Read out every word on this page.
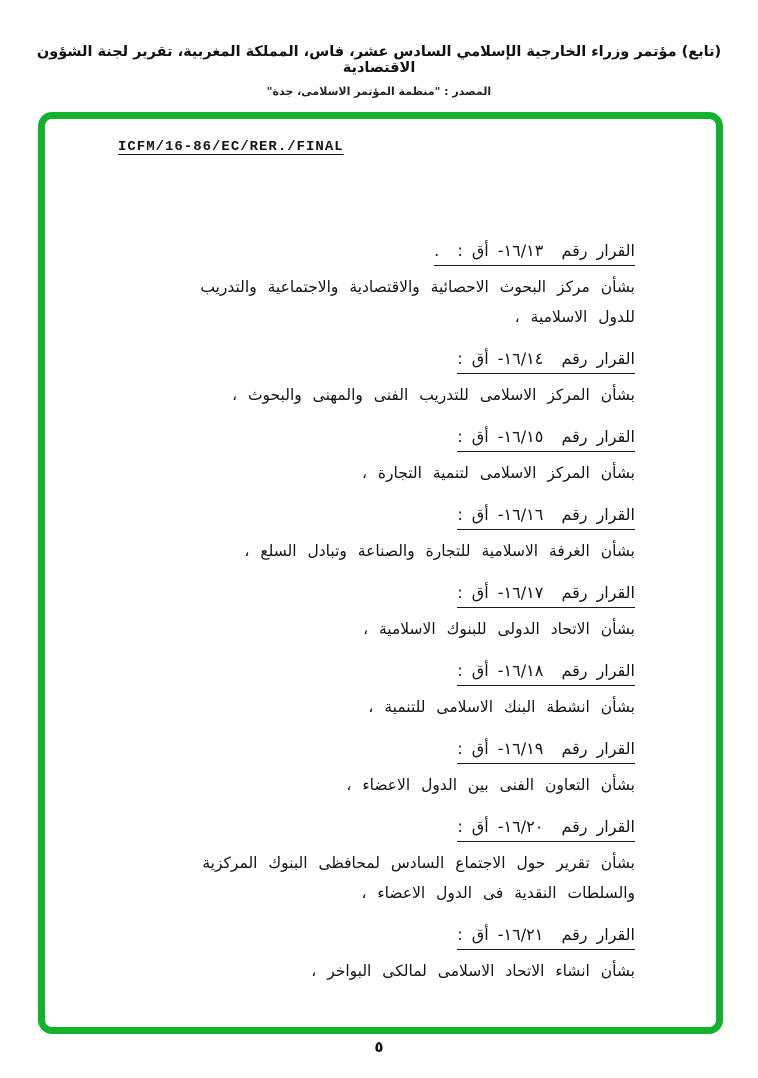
(تابع) مؤتمر وزراء الخارجية الإسلامي السادس عشر، فاس، المملكة المغربية، تقرير لجنة الشؤون الاقتصادية
المصدر : "منظمة المؤتمر الاسلامى، جدة"
ICFM/16-86/EC/RER./FINAL
القرار رقم  ١٦/١٣- أق :  .
بشأن مركز البحوث الاحصائية والاقتصادية والاجتماعية والتدريب
للدول الاسلامية ،
القرار رقم  ١٦/١٤- أق :
بشأن المركز الاسلامى للتدريب الفنى والمهنى والبحوث ،
القرار رقم  ١٦/١٥- أق :
بشأن المركز الاسلامى لتنمية التجارة ،
القرار رقم  ١٦/١٦- أق :
بشأن الغرفة الاسلامية للتجارة والصناعة وتبادل السلع ،
القرار رقم  ١٦/١٧- أق :
بشأن الاتحاد الدولى للبنوك الاسلامية ،
القرار رقم  ١٦/١٨- أق :
بشأن انشطة البنك الاسلامى للتنمية ،
القرار رقم  ١٦/١٩- أق :
بشأن التعاون الفنى بين الدول الاعضاء ،
القرار رقم  ١٦/٢٠- أق :
بشأن تقرير حول الاجتماع السادس لمحافظى البنوك المركزية
والسلطات النقدية فى الدول الاعضاء ،
القرار رقم  ١٦/٢١- أق :
بشأن انشاء الاتحاد الاسلامى لمالكى البواخر ،
٥
